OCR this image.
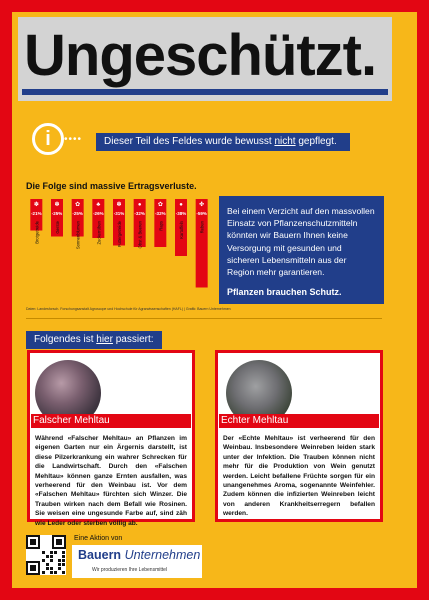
Ungeschützt.
i	••••	Dieser Teil des Feldes wurde bewusst nicht gepflegt.
Die Folge sind massive Ertragsverluste.
✽
-21%
Brotgetreide
✽
-25%
Gerste
✿
-25%
Sonnenblumen
♣
-26%
Zuckerrüben
✽
-31%
Futtergetreide
●
-32%
Obst & Beeren
✿
-32%
Raps
●
-38%
Kartoffeln
✤
-59%
Reben
Daten: Landesforsch. Forschungsanstalt Agroscope und Hochschule für Agrarwissenschaften (HAFL) | Grafik: Bauern Unternehmen
Bei einem Verzicht auf den massvollen Einsatz von Pflanzenschutzmitteln könnten wir Bauern Ihnen keine Versorgung mit gesunden und sicheren Lebensmitteln aus der Region mehr garantieren.
Pflanzen brauchen Schutz.
Folgendes ist hier passiert:
Falscher Mehltau
Während «Falscher Mehltau» an Pflanzen im eigenen Garten nur ein Ärgernis darstellt, ist diese Pilzerkrankung ein wahrer Schrecken für die Landwirtschaft. Durch den «Falschen Mehltau» können ganze Ernten ausfallen, was verheerend für den Weinbau ist. Vor dem «Falschen Mehltau» fürchten sich Winzer. Die Trauben wirken nach dem Befall wie Rosinen. Sie weisen eine ungesunde Farbe auf, sind zäh wie Leder oder sterben völlig ab.
Echter Mehltau
Der «Echte Mehltau» ist verheerend für den Weinbau. Insbesondere Weinreben leiden stark unter der Infektion. Die Trauben können nicht mehr für die Produktion von Wein genutzt werden. Leicht befallene Früchte sorgen für ein unangenehmes Aroma, sogenannte Weinfehler. Zudem können die infizierten Weinreben leicht von anderen Krankheitserregern befallen werden.
Eine Aktion von
Bauern Unternehmen
Wir produzieren Ihre Lebensmittel
